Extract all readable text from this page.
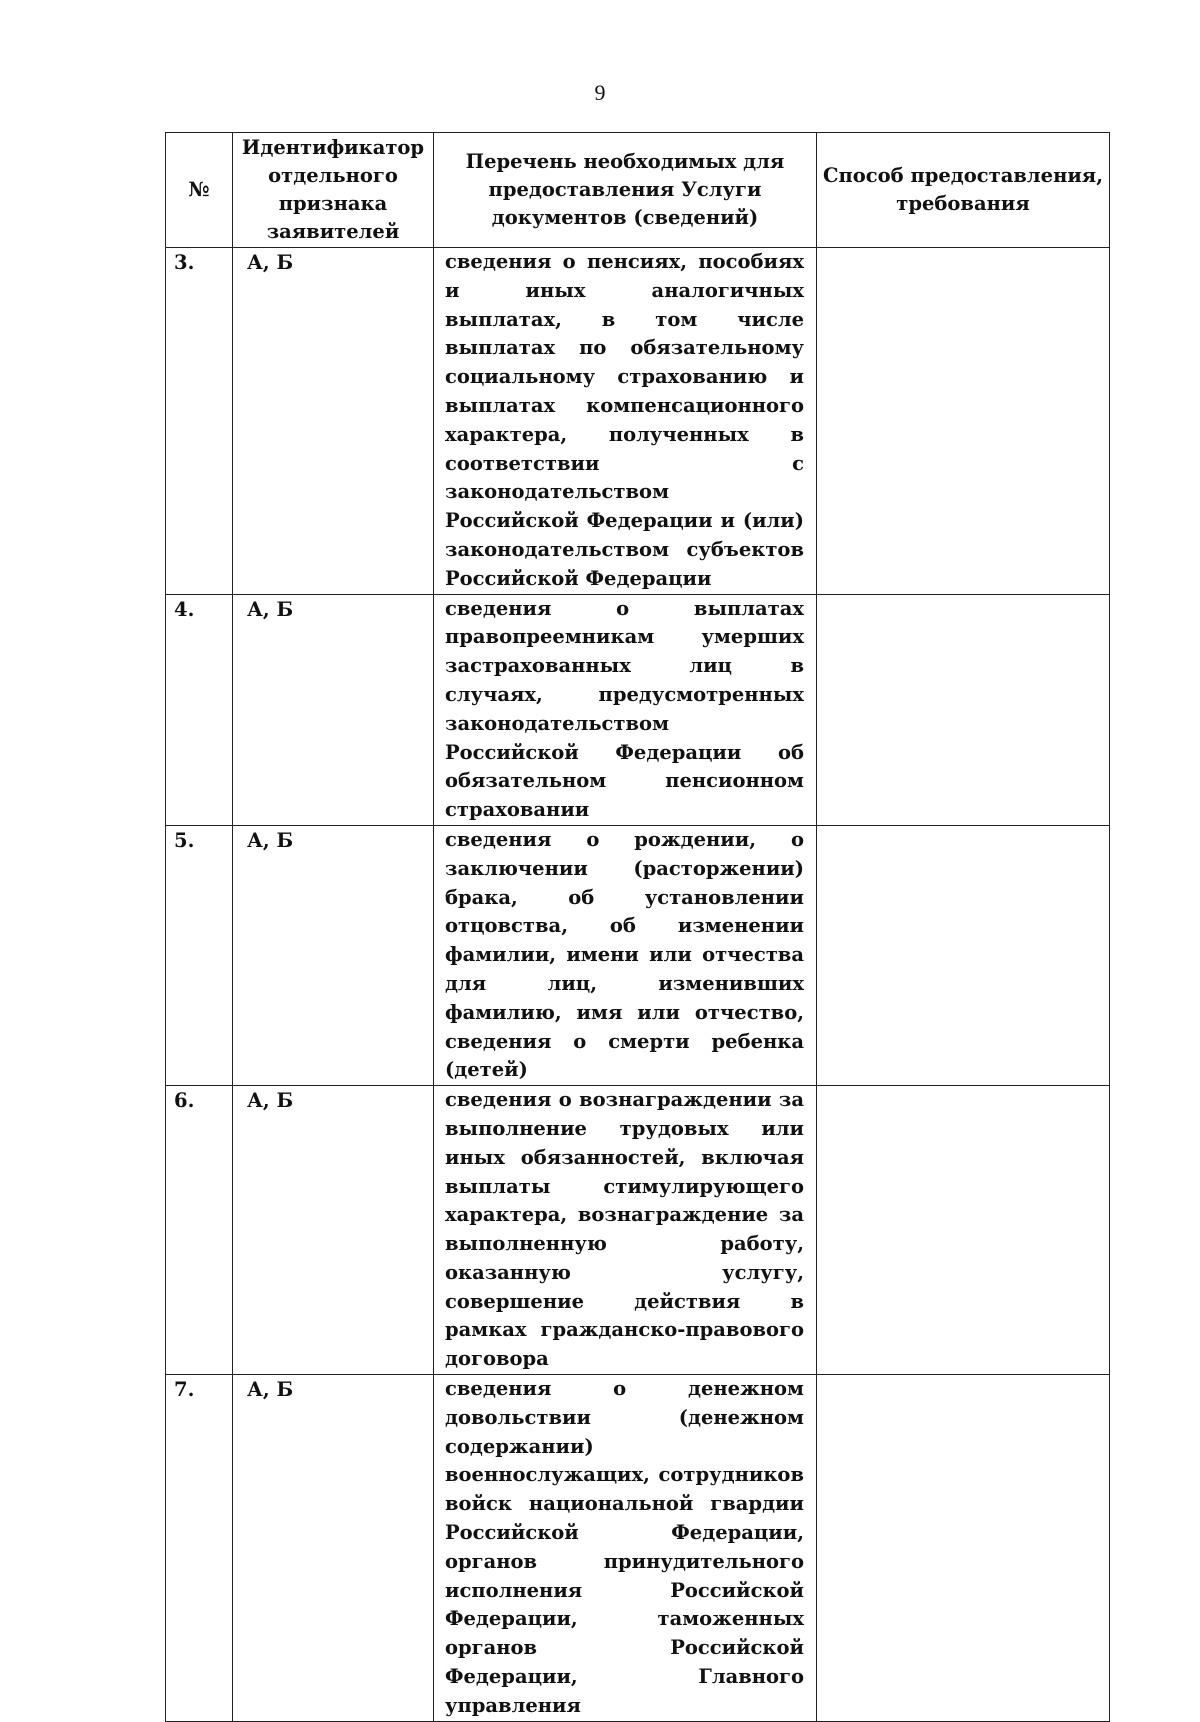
9
№	Идентификатор отдельного признака заявителей	Перечень необходимых для предоставления Услуги документов (сведений)	Способ предоставления, требования
3.	А, Б	сведения о пенсиях, пособиях и иных аналогичных выплатах, в том числе выплатах по обязательному социальному страхованию и выплатах компенсационного характера, полученных в соответствии с законодательством Российской Федерации и (или) законодательством субъектов Российской Федерации	
4.	А, Б	сведения о выплатах правопреемникам умерших застрахованных лиц в случаях, предусмотренных законодательством Российской Федерации об обязательном пенсионном страховании	
5.	А, Б	сведения о рождении, о заключении (расторжении) брака, об установлении отцовства, об изменении фамилии, имени или отчества для лиц, изменивших фамилию, имя или отчество, сведения о смерти ребенка (детей)	
6.	А, Б	сведения о вознаграждении за выполнение трудовых или иных обязанностей, включая выплаты стимулирующего характера, вознаграждение за выполненную работу, оказанную услугу, совершение действия в рамках гражданско-правового договора	
7.	А, Б	сведения о денежном довольствии (денежном содержании) военнослужащих, сотрудников войск национальной гвардии Российской Федерации, органов принудительного исполнения Российской Федерации, таможенных органов Российской Федерации, Главного управления	
